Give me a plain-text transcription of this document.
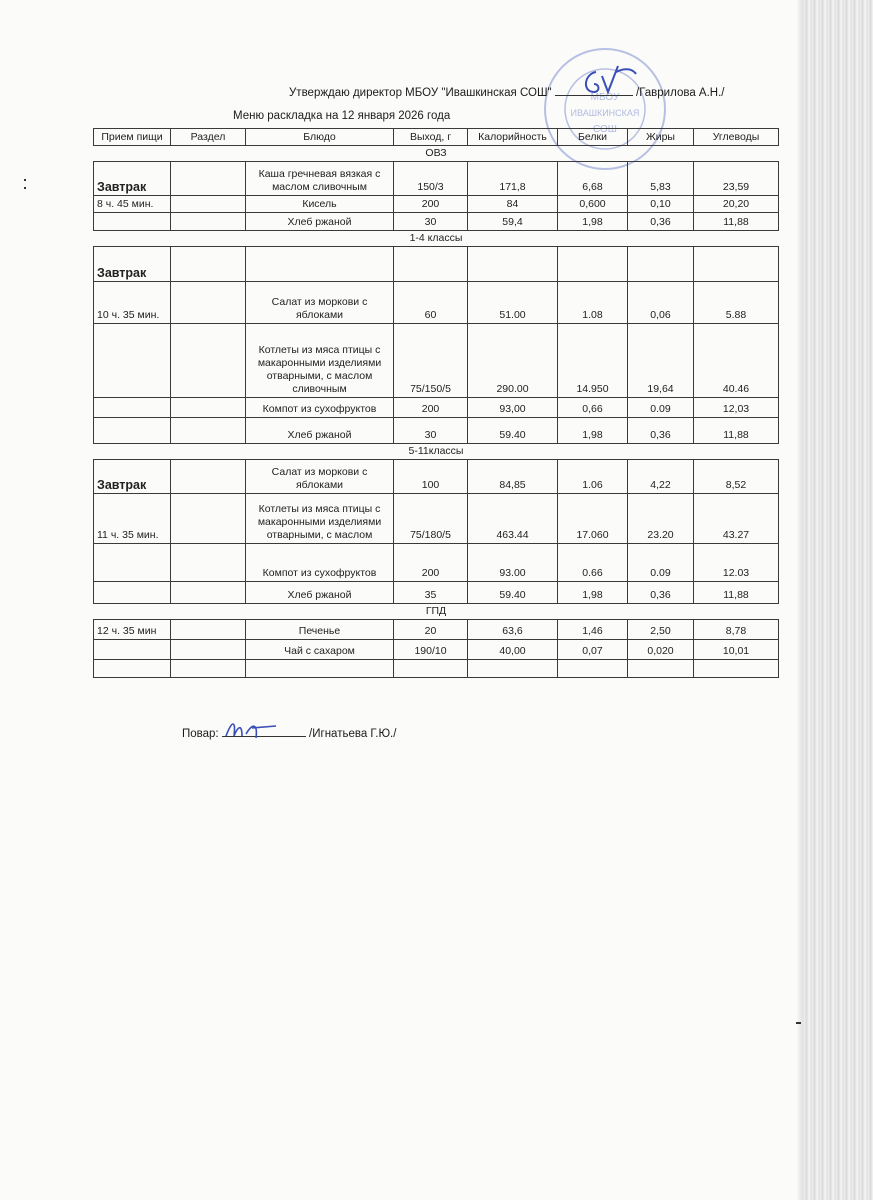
МБОУ
ИВАШКИНСКАЯ
СОШ
Утверждаю директор МБОУ "Ивашкинская СОШ"	/Гаврилова А.Н./
Меню раскладка на 12 января 2026 года
Прием пищи	Раздел	Блюдо	Выход, г	Калорийность	Белки	Жиры	Углеводы
ОВЗ							
Завтрак		Каша гречневая вязкая с маслом сливочным	150/3	171,8	6,68	5,83	23,59
8 ч. 45 мин.		Кисель	200	84	0,600	0,10	20,20
		Хлеб ржаной	30	59,4	1,98	0,36	11,88
1-4 классы							
Завтрак							
10 ч. 35 мин.		Салат из моркови с яблоками	60	51.00	1.08	0,06	5.88
		Котлеты из мяса птицы с макаронными изделиями отварными, с маслом сливочным	75/150/5	290.00	14.950	19,64	40.46
		Компот из сухофруктов	200	93,00	0,66	0.09	12,03
		Хлеб ржаной	30	59.40	1,98	0,36	11,88
5-11классы							
Завтрак		Салат из моркови с яблоками	100	84,85	1.06	4,22	8,52
11 ч. 35 мин.		Котлеты из мяса птицы с макаронными изделиями отварными, с маслом	75/180/5	463.44	17.060	23.20	43.27
		Компот из сухофруктов	200	93.00	0.66	0.09	12.03
		Хлеб ржаной	35	59.40	1,98	0,36	11,88
ГПД							
12 ч. 35 мин		Печенье	20	63,6	1,46	2,50	8,78
		Чай с сахаром	190/10	40,00	0,07	0,020	10,01

Повар:	/Игнатьева Г.Ю./
